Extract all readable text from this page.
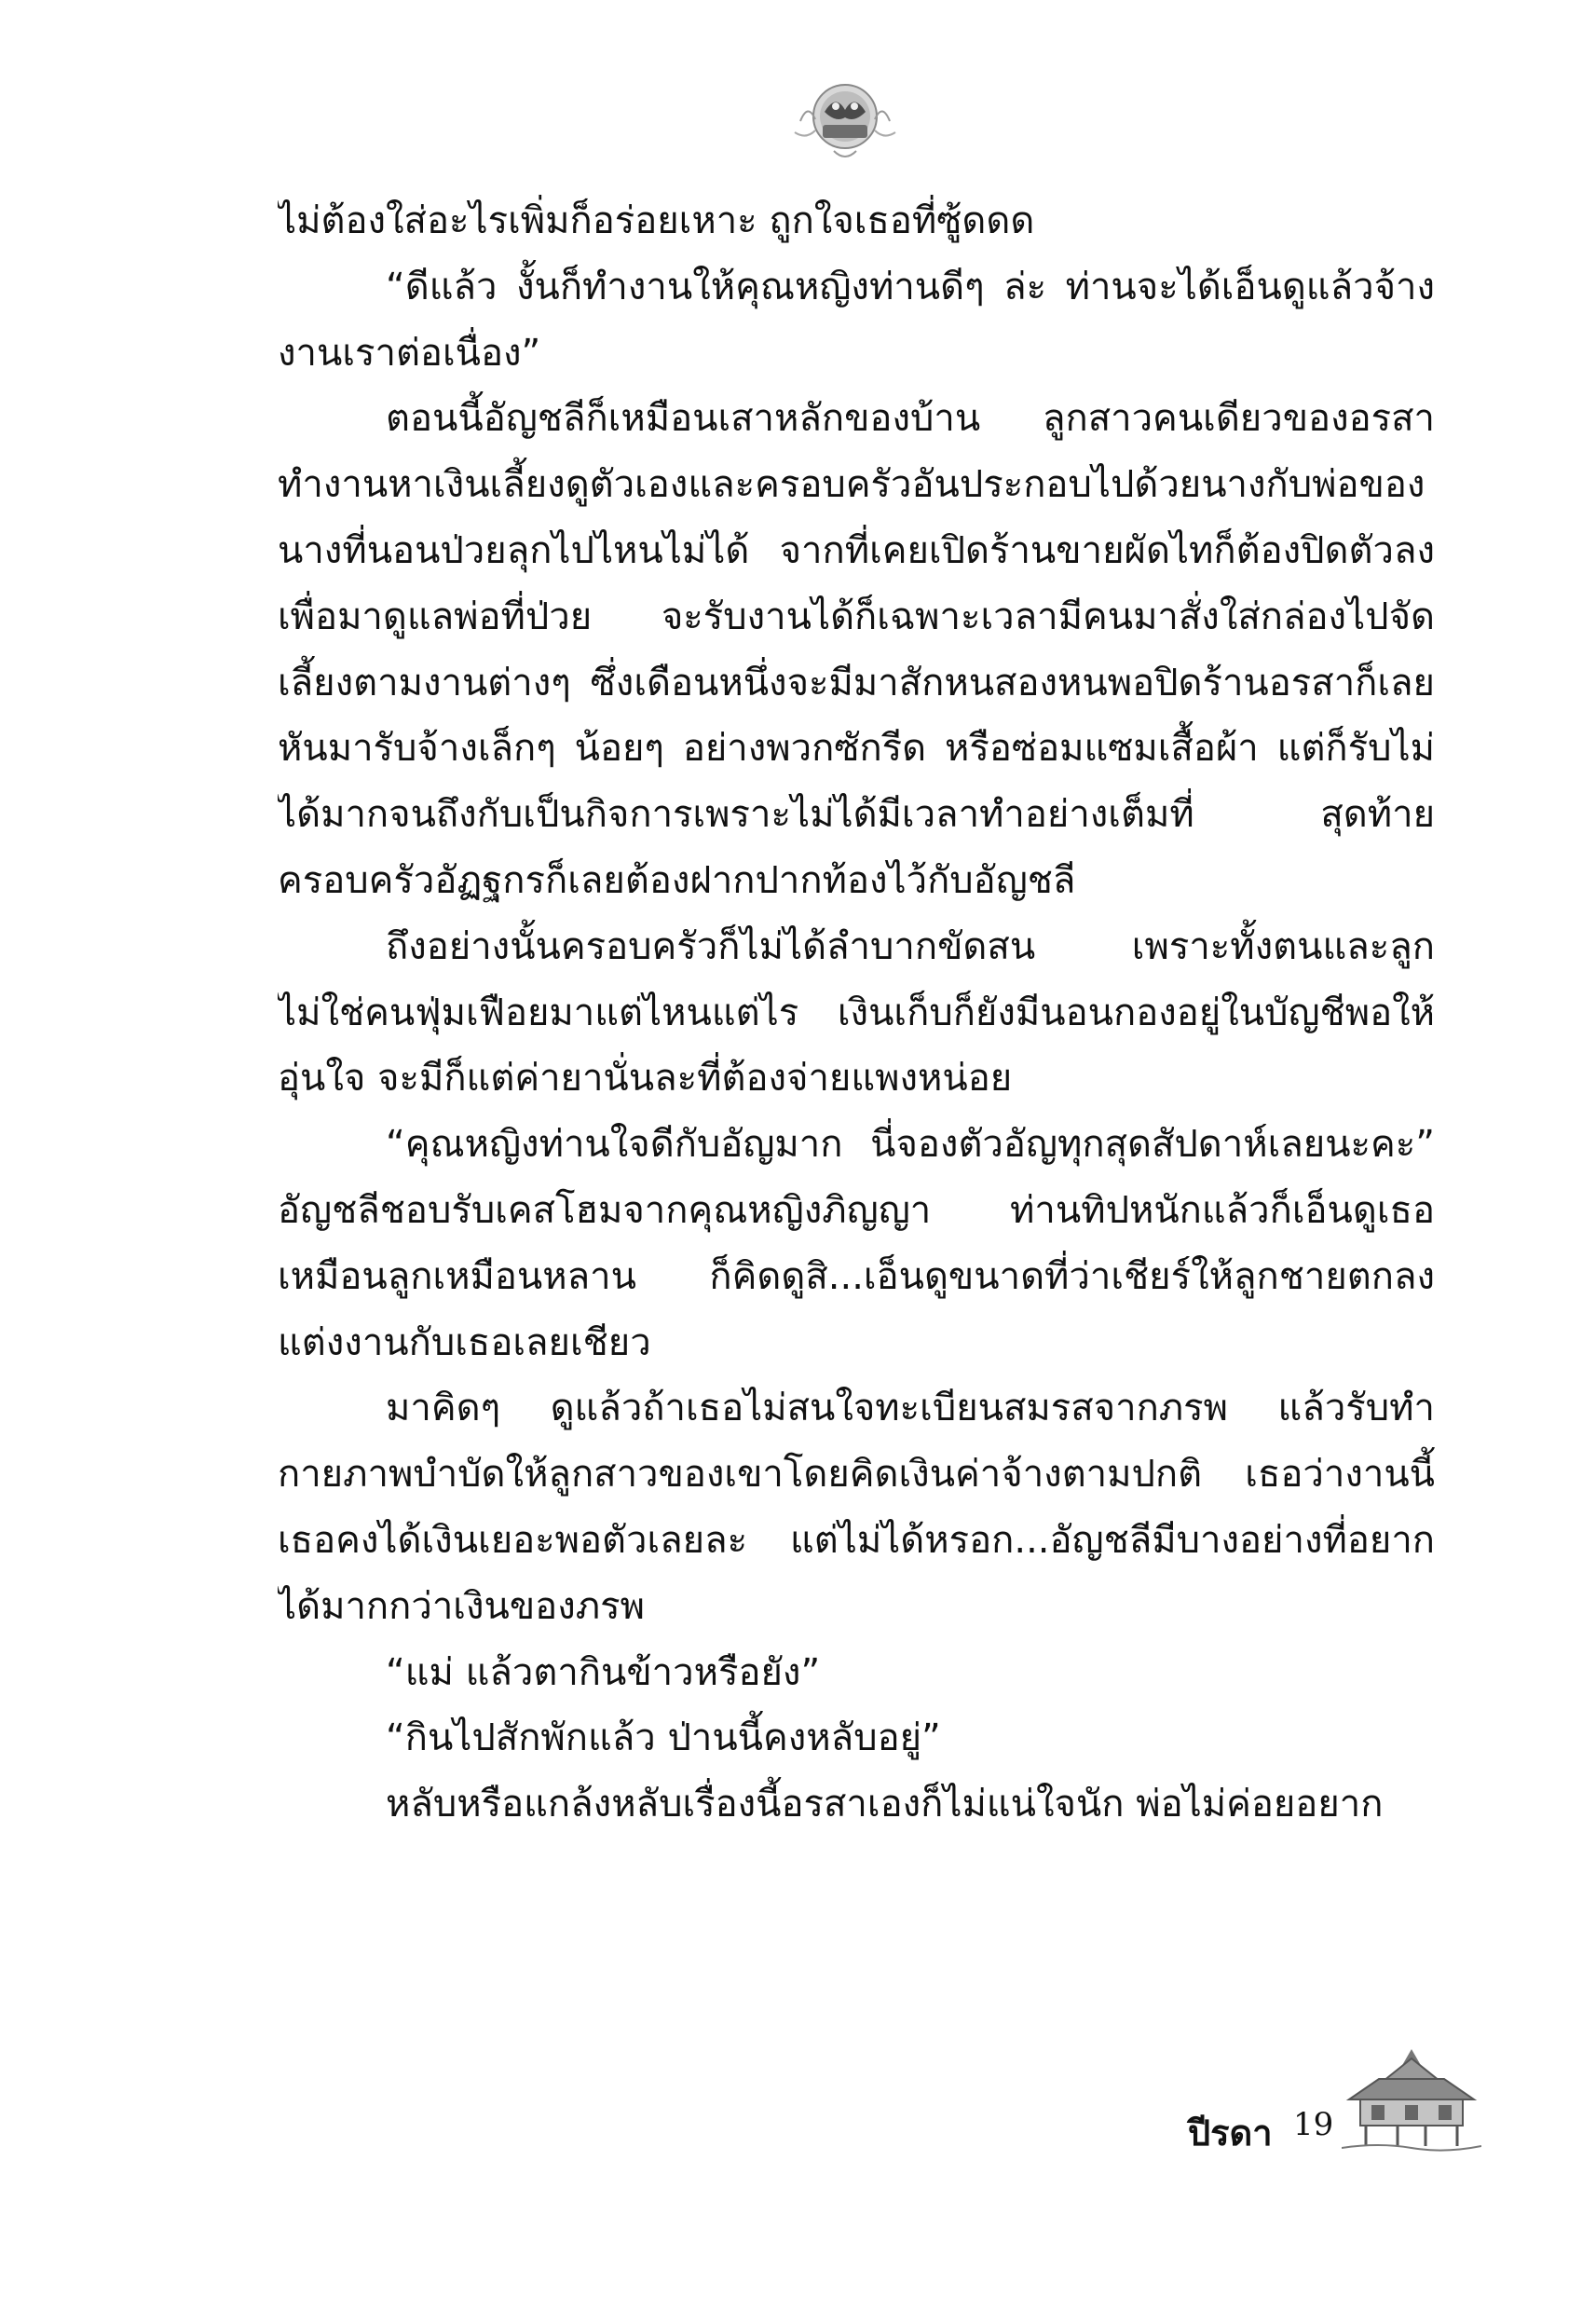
ไม่ต้องใส่อะไรเพิ่มก็อร่อยเหาะ ถูกใจเธอที่ซู้ดดด

“ดีแล้ว งั้นก็ทำงานให้คุณหญิงท่านดีๆ ล่ะ ท่านจะได้เอ็นดูแล้วจ้างงานเราต่อเนื่อง”

ตอนนี้อัญชลีก็เหมือนเสาหลักของบ้าน ลูกสาวคนเดียวของอรสาทำงานหาเงินเลี้ยงดูตัวเองและครอบครัวอันประกอบไปด้วยนางกับพ่อของนางที่นอนป่วยลุกไปไหนไม่ได้ จากที่เคยเปิดร้านขายผัดไทก็ต้องปิดตัวลงเพื่อมาดูแลพ่อที่ป่วย จะรับงานได้ก็เฉพาะเวลามีคนมาสั่งใส่กล่องไปจัดเลี้ยงตามงานต่างๆ ซึ่งเดือนหนึ่งจะมีมาสักหนสองหนพอปิดร้านอรสาก็เลยหันมารับจ้างเล็กๆ น้อยๆ อย่างพวกซักรีด หรือซ่อมแซมเสื้อผ้า แต่ก็รับไม่ได้มากจนถึงกับเป็นกิจการเพราะไม่ได้มีเวลาทำอย่างเต็มที่ สุดท้ายครอบครัวอัฏฐกรก็เลยต้องฝากปากท้องไว้กับอัญชลี

ถึงอย่างนั้นครอบครัวก็ไม่ได้ลำบากขัดสน เพราะทั้งตนและลูกไม่ใช่คนฟุ่มเฟือยมาแต่ไหนแต่ไร เงินเก็บก็ยังมีนอนกองอยู่ในบัญชีพอให้อุ่นใจ จะมีก็แต่ค่ายานั่นละที่ต้องจ่ายแพงหน่อย

“คุณหญิงท่านใจดีกับอัญมาก นี่จองตัวอัญทุกสุดสัปดาห์เลยนะคะ” อัญชลีชอบรับเคสโฮมจากคุณหญิงภิญญา ท่านทิปหนักแล้วก็เอ็นดูเธอเหมือนลูกเหมือนหลาน ก็คิดดูสิ...เอ็นดูขนาดที่ว่าเชียร์ให้ลูกชายตกลงแต่งงานกับเธอเลยเชียว

มาคิดๆ ดูแล้วถ้าเธอไม่สนใจทะเบียนสมรสจากภรพ แล้วรับทำกายภาพบำบัดให้ลูกสาวของเขาโดยคิดเงินค่าจ้างตามปกติ เธอว่างานนี้เธอคงได้เงินเยอะพอตัวเลยละ แต่ไม่ได้หรอก...อัญชลีมีบางอย่างที่อยากได้มากกว่าเงินของภรพ

“แม่ แล้วตากินข้าวหรือยัง”

“กินไปสักพักแล้ว ป่านนี้คงหลับอยู่”

หลับหรือแกล้งหลับเรื่องนี้อรสาเองก็ไม่แน่ใจนัก พ่อไม่ค่อยอยาก

ปีรดา 19
